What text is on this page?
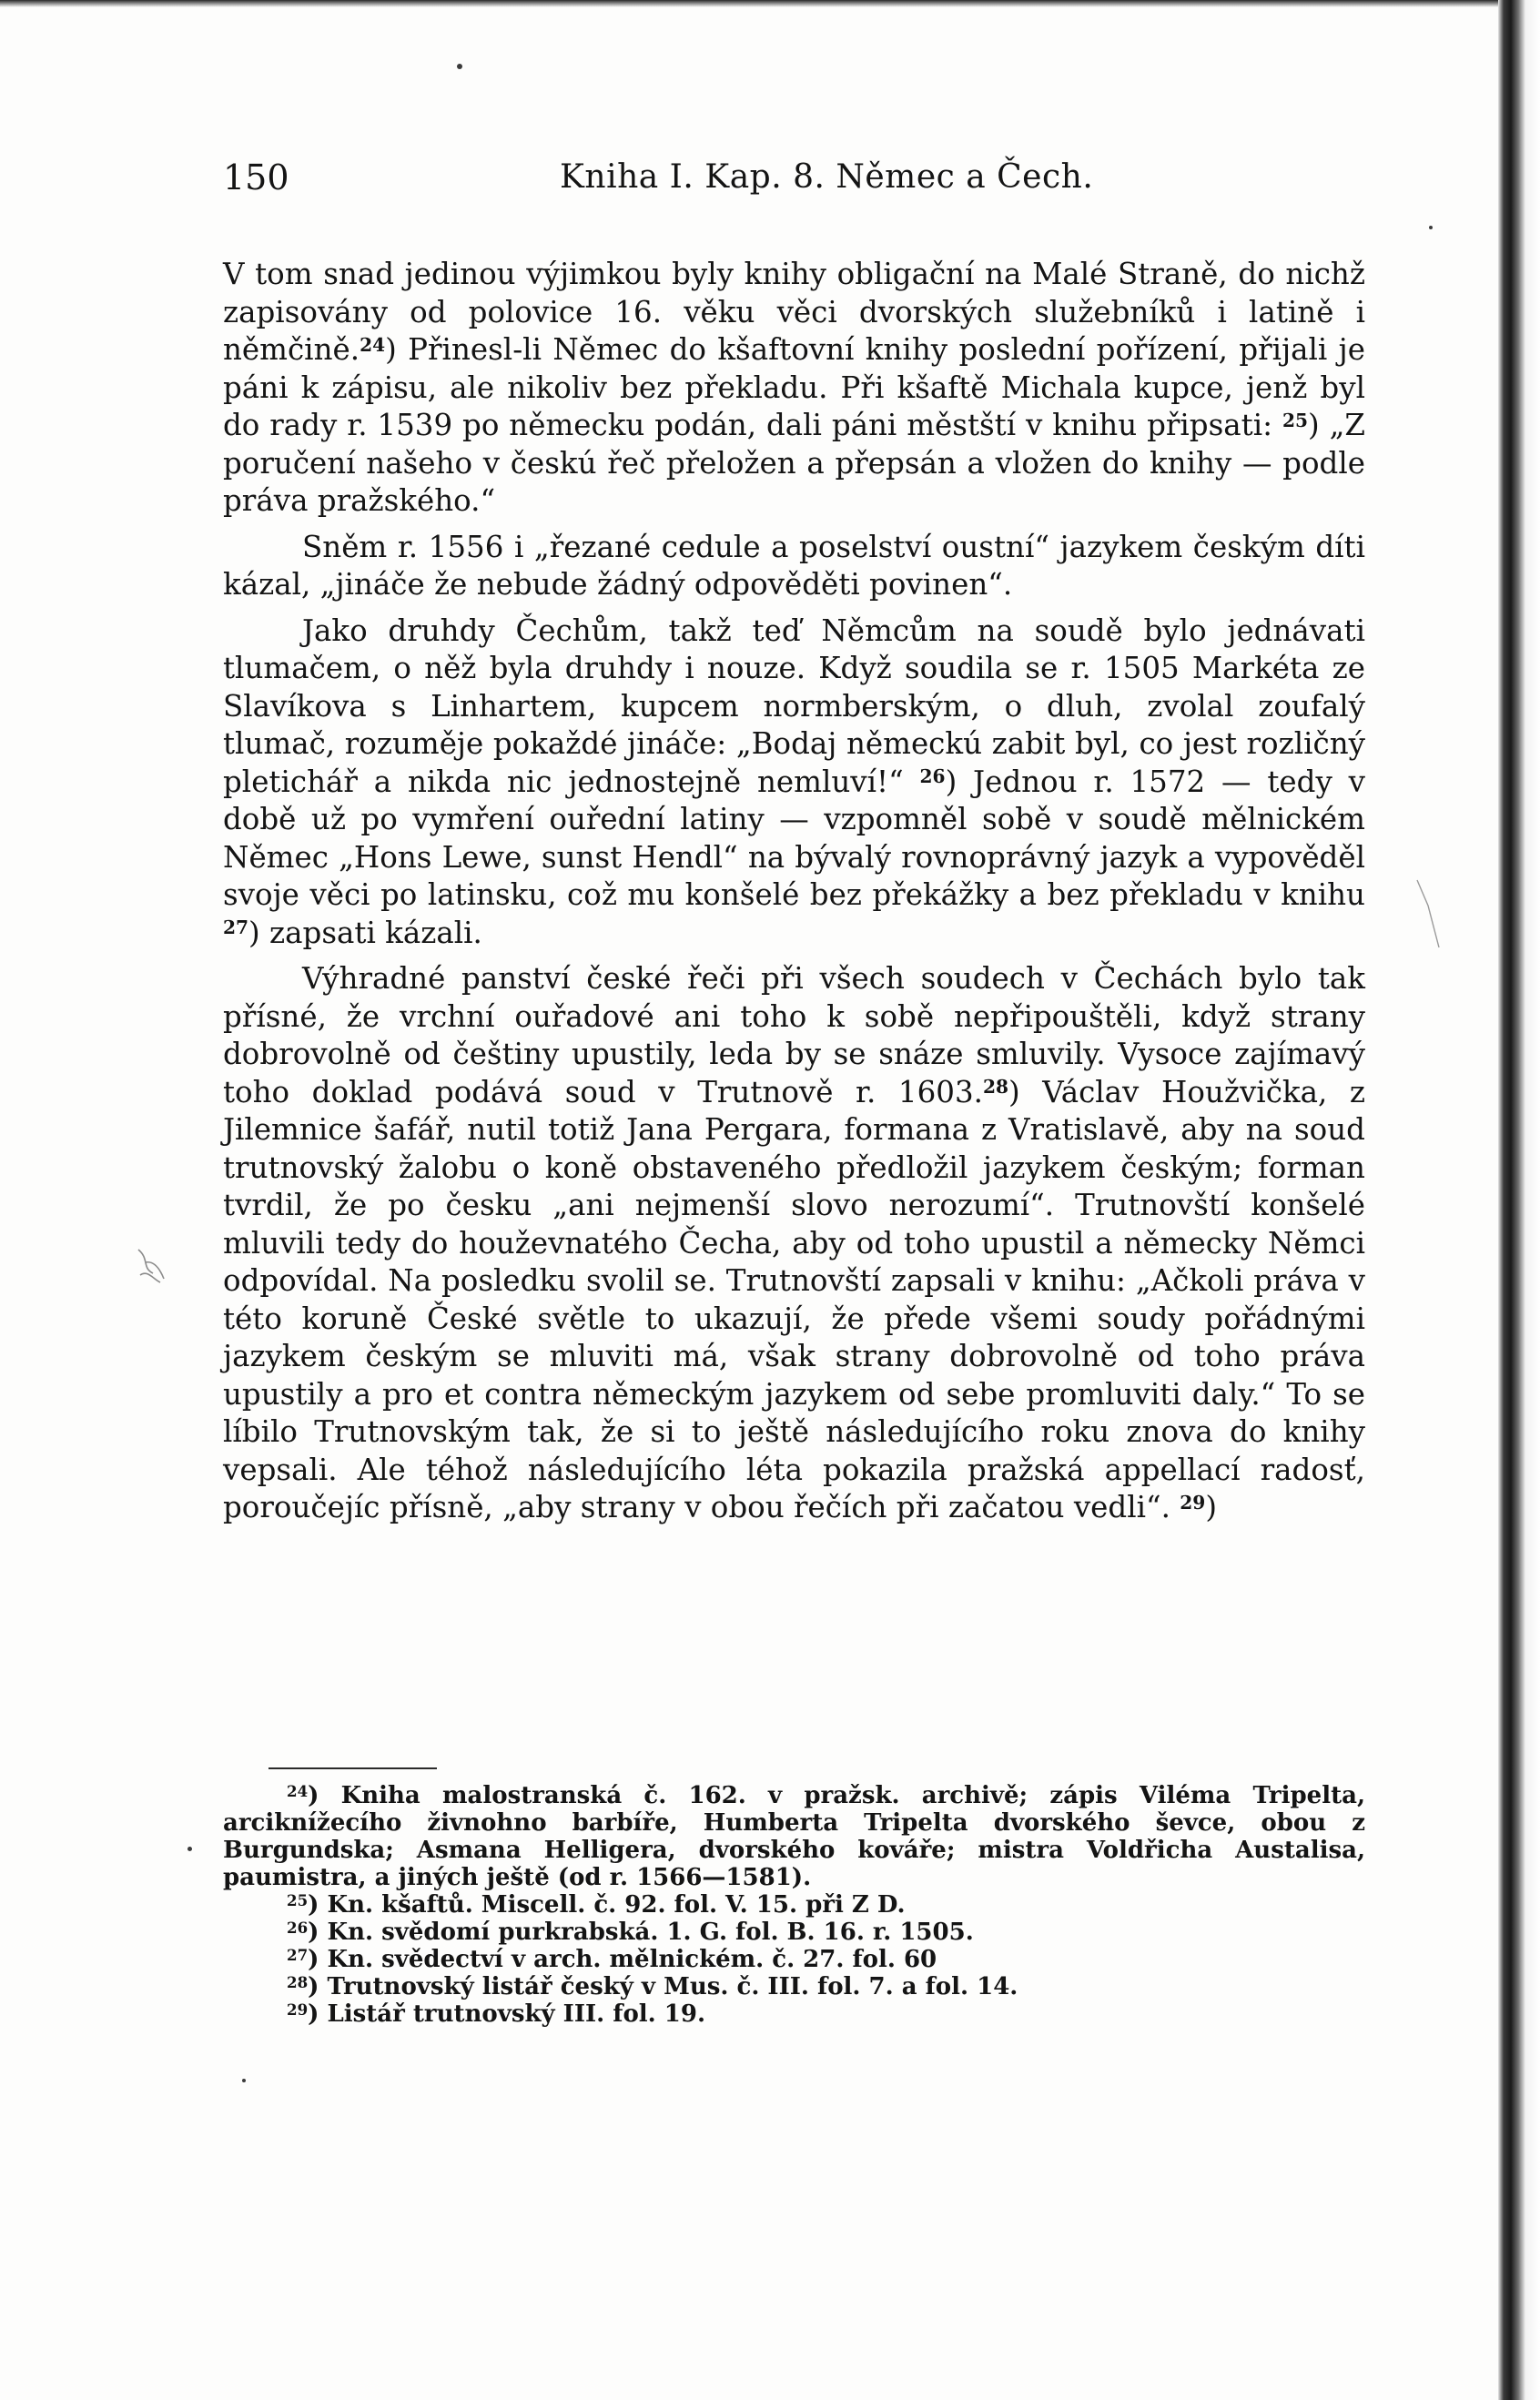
150	Kniha I. Kap. 8. Němec a Čech.

V tom snad jedinou výjimkou byly knihy obligační na Malé Straně, do nichž zapisovány od polovice 16. věku věci dvorských služebníků i latině i němčině.$^{24}$) Přinesl-li Němec do kšaftovní knihy poslední pořízení, přijali je páni k zápisu, ale nikoliv bez překladu. Při kšaftě Michala kupce, jenž byl do rady r. 1539 po německu podán, dali páni městští v knihu připsati: $^{25}$) „Z poručení našeho v českú řeč přeložen a přepsán a vložen do knihy — podle práva pražského.“

Sněm r. 1556 i „řezané cedule a poselství oustní“ jazykem českým díti kázal, „jináče že nebude žádný odpověděti povinen“.

Jako druhdy Čechům, takž teď Němcům na soudě bylo jednávati tlumačem, o něž byla druhdy i nouze. Když soudila se r. 1505 Markéta ze Slavíkova s Linhartem, kupcem normberským, o dluh, zvolal zoufalý tlumač, rozuměje pokaždé jináče: „Bodaj německú zabit byl, co jest rozličný pletichář a nikda nic jednostejně nemluví!“ $^{26}$) Jednou r. 1572 — tedy v době už po vymření ouřední latiny — vzpomněl sobě v soudě mělnickém Němec „Hons Lewe, sunst Hendl“ na bývalý rovnoprávný jazyk a vypověděl svoje věci po latinsku, což mu konšelé bez překážky a bez překladu v knihu $^{27}$) zapsati kázali.

Výhradné panství české řeči při všech soudech v Čechách bylo tak přísné, že vrchní ouřadové ani toho k sobě nepřipouštěli, když strany dobrovolně od češtiny upustily, leda by se snáze smluvily. Vysoce zajímavý toho doklad podává soud v Trutnově r. 1603.28) Václav Houžvička, z Jilemnice šafář, nutil totiž Jana Pergara, formana z Vratislavě, aby na soud trutnovský žalobu o koně obstaveného předložil jazykem českým; forman tvrdil, že po česku „ani nejmenší slovo nerozumí“. Trutnovští konšelé mluvili tedy do houževnatého Čecha, aby od toho upustil a německy Němci odpovídal. Na posledku svolil se. Trutnovští zapsali v knihu: „Ačkoli práva v této koruně České světle to ukazují, že přede všemi soudy pořádnými jazykem českým se mluviti má, však strany dobrovolně od toho práva upustily a pro et contra německým jazykem od sebe promluviti daly.“ To se líbilo Trutnovským tak, že si to ještě následujícího roku znova do knihy vepsali. Ale téhož následujícího léta pokazila pražská appellací radosť, poroučejíc přísně, „aby strany v obou řečích při začatou vedli“. $^{29}$)

$^{24}$) Kniha malostranská č. 162. v pražsk. archivě; zápis Viléma Tripelta, arciknížecího živnohno barbíře, Humberta Tripelta dvorského ševce, obou z Burgundska; Asmana Helligera, dvorského kováře; mistra Voldřicha Austalisa, paumistra, a jiných ještě (od r. 1566—1581).

$^{25}$) Kn. kšaftů. Miscell. č. 92. fol. V. 15. při Z D.

$^{26}$) Kn. svědomí purkrabská. 1. G. fol. B. 16. r. 1505.

$^{27}$) Kn. svědectví v arch. mělnickém. č. 27. fol. 60

$^{28}$) Trutnovský listář český v Mus. č. III. fol. 7. a fol. 14.

$^{29}$) Listář trutnovský III. fol. 19.
